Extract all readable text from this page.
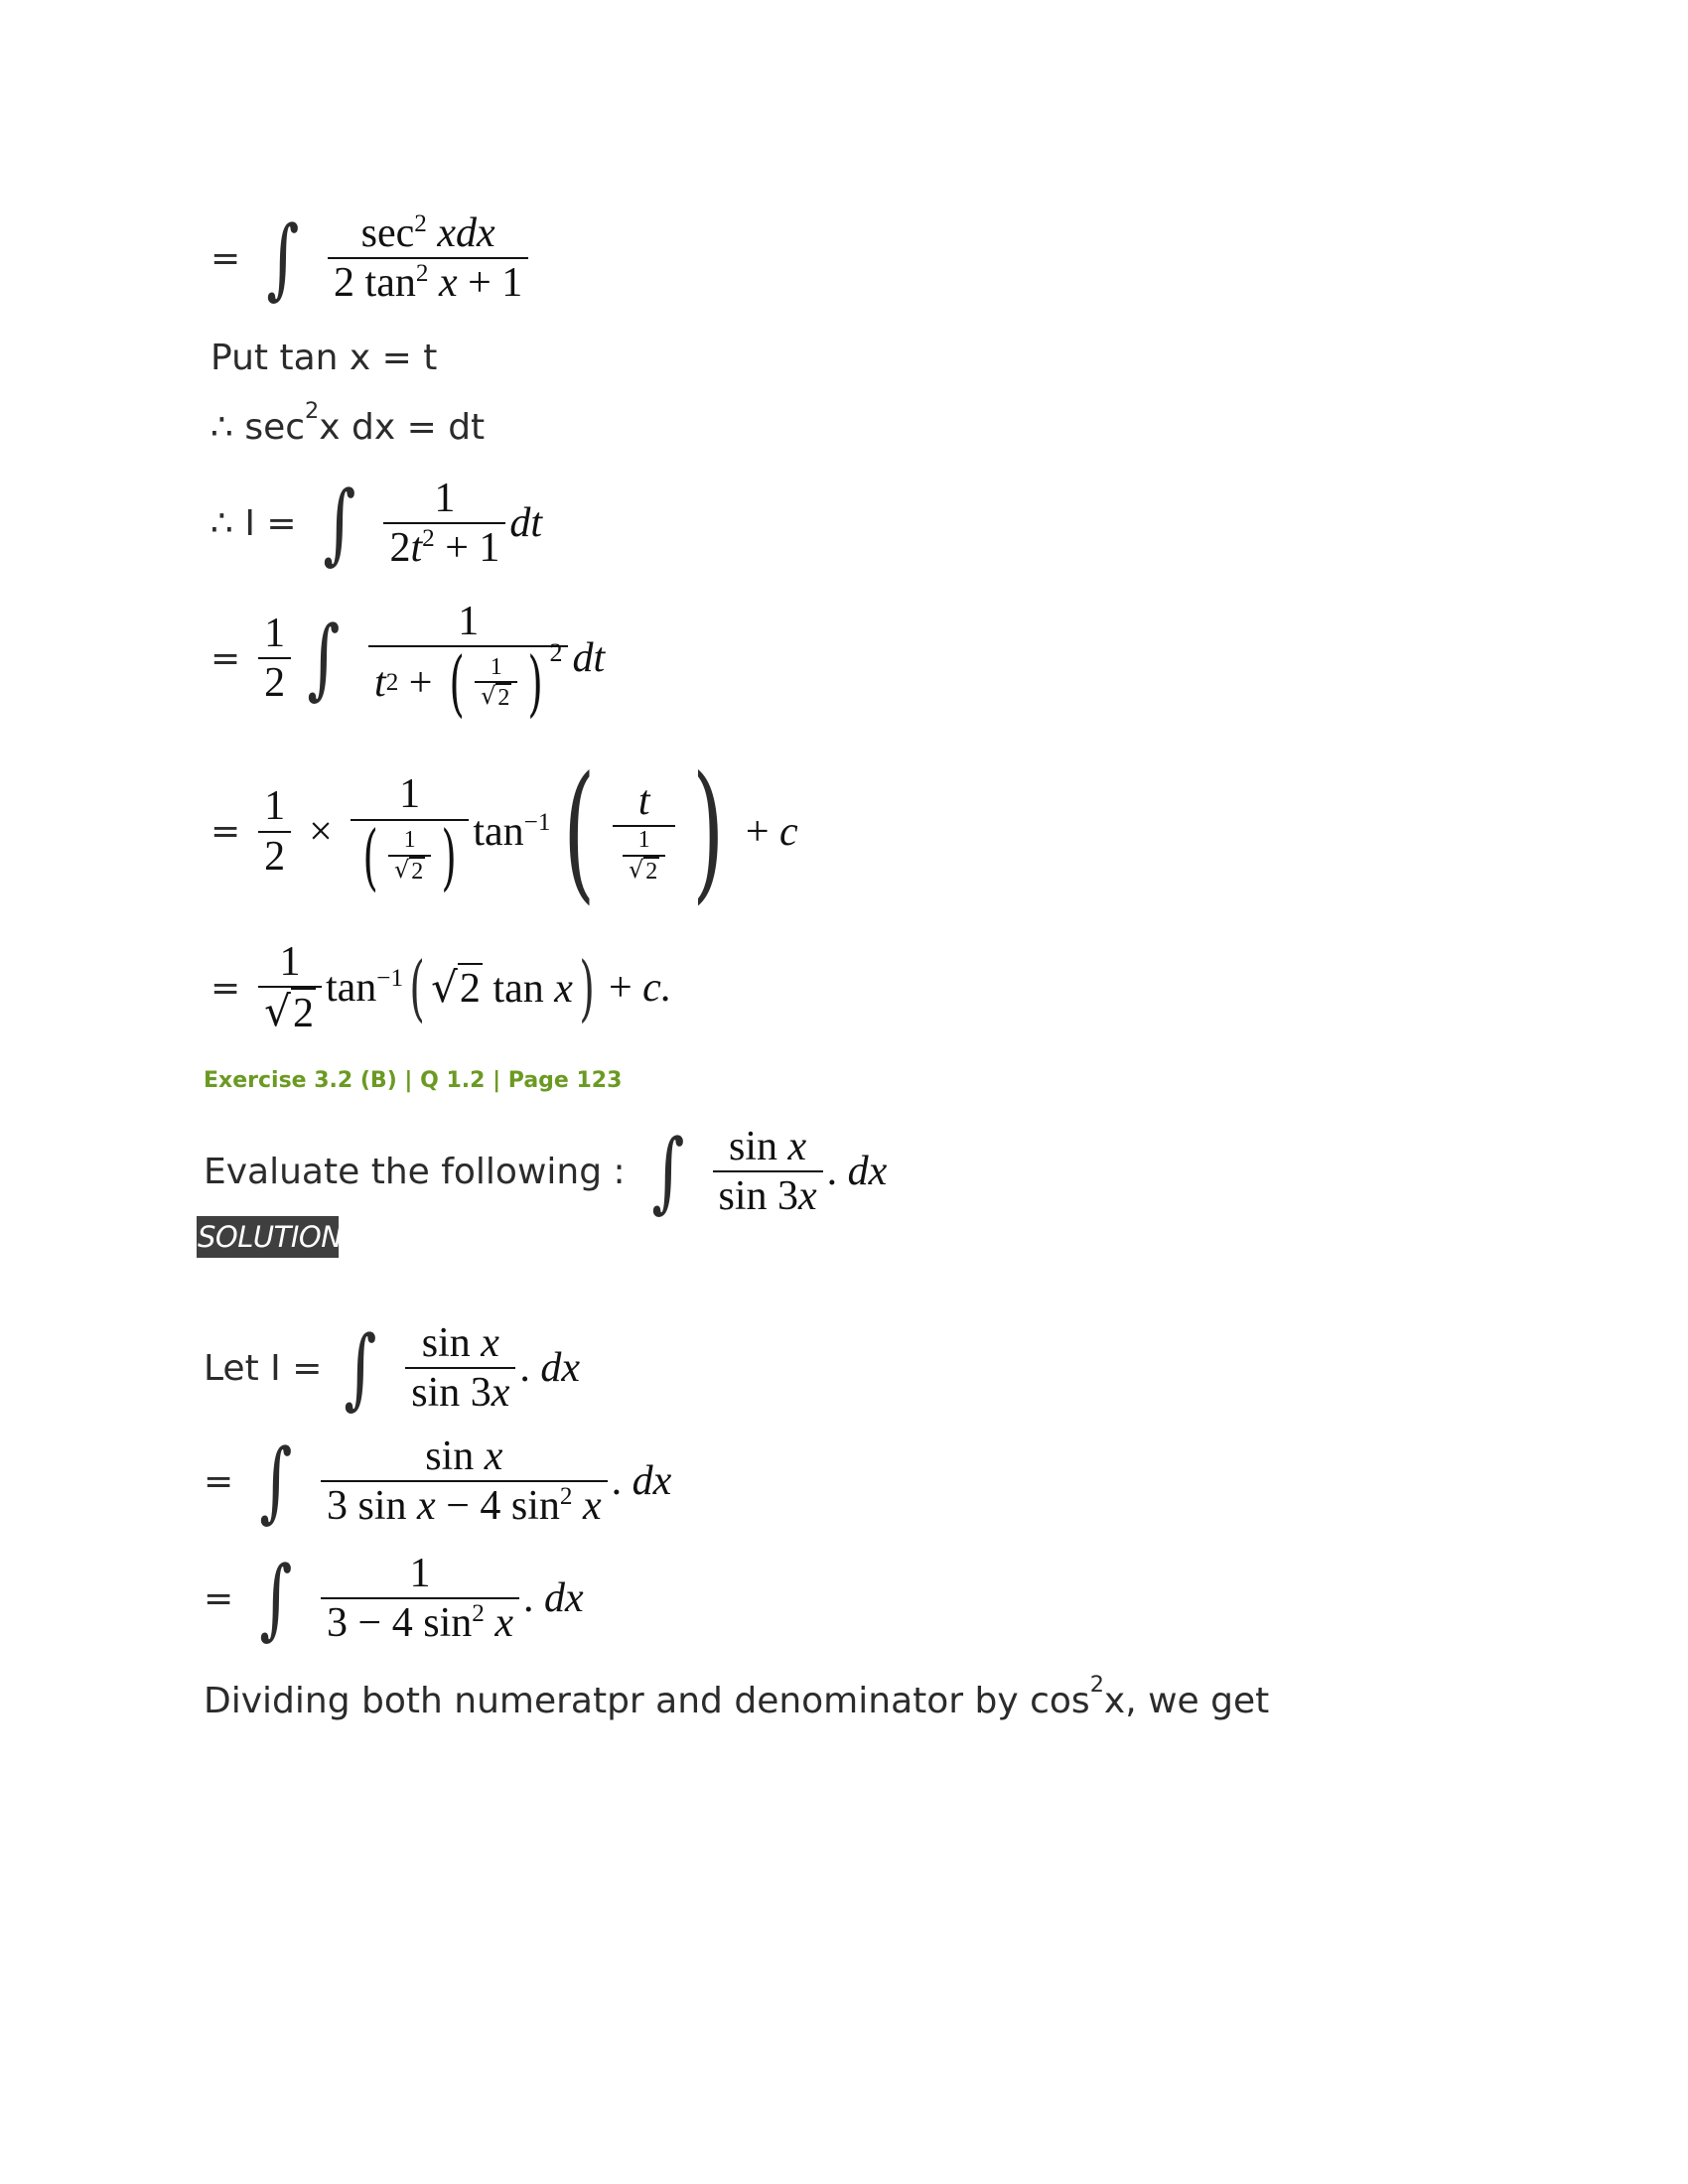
= ∫ $\frac{\sec^2 xdx}{2 \tan^2 x + 1}$
Put tan x = t
∴ sec 2 x dx = dt
∴ I = ∫ $\frac{1}{2t^2 + 1}$ dt
= $\frac{1}{2}$ ∫ $\frac{1}{t 2 + ( \frac{1}{√ 2} ) 2}$ dt
= $\frac{1}{2} \times \frac{1}{( \frac{1}{√ 2} )} \tan^{-1}$ ( $\frac{t}{\frac{1}{√ 2}}$ ) + c
= $\frac{1}{√ 2} \tan^{-1}$ ( √ 2 tan x ) + c.
Exercise 3.2 (B) | Q 1.2 | Page 123
Evaluate the following : ∫ $\frac{\text{sin x}}{\sin 3x}$ . dx
SOLUTION
Let I = ∫ $\frac{\text{sin x}}{\sin 3x}$ . dx
= ∫ $\frac{\text{sin x}}{3 \sin x - 4 \sin^2 x}$ . dx
= ∫ $\frac{1}{3 - 4 \sin^2 x}$ . dx
Dividing both numeratpr and denominator by cos 2 x, we get
